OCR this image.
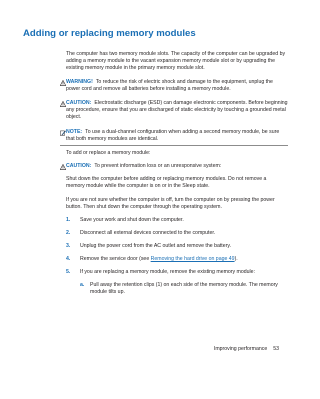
Adding or replacing memory modules

The computer has two memory module slots. The capacity of the computer can be upgraded by adding a memory module to the vacant expansion memory module slot or by upgrading the existing memory module in the primary memory module slot.

WARNING! To reduce the risk of electric shock and damage to the equipment, unplug the power cord and remove all batteries before installing a memory module.
CAUTION: Electrostatic discharge (ESD) can damage electronic components. Before beginning any procedure, ensure that you are discharged of static electricity by touching a grounded metal object.
NOTE: To use a dual-channel configuration when adding a second memory module, be sure that both memory modules are identical.

To add or replace a memory module:

CAUTION: To prevent information loss or an unresponsive system:

Shut down the computer before adding or replacing memory modules. Do not remove a memory module while the computer is on or in the Sleep state.

If you are not sure whether the computer is off, turn the computer on by pressing the power button. Then shut down the computer through the operating system.

1.	Save your work and shut down the computer.
2.	Disconnect all external devices connected to the computer.
3.	Unplug the power cord from the AC outlet and remove the battery.
4.	Remove the service door (see Removing the hard drive on page 49).
5.	If you are replacing a memory module, remove the existing memory module:
a.	Pull away the retention clips (1) on each side of the memory module. The memory module tilts up.
Improving performance 53
